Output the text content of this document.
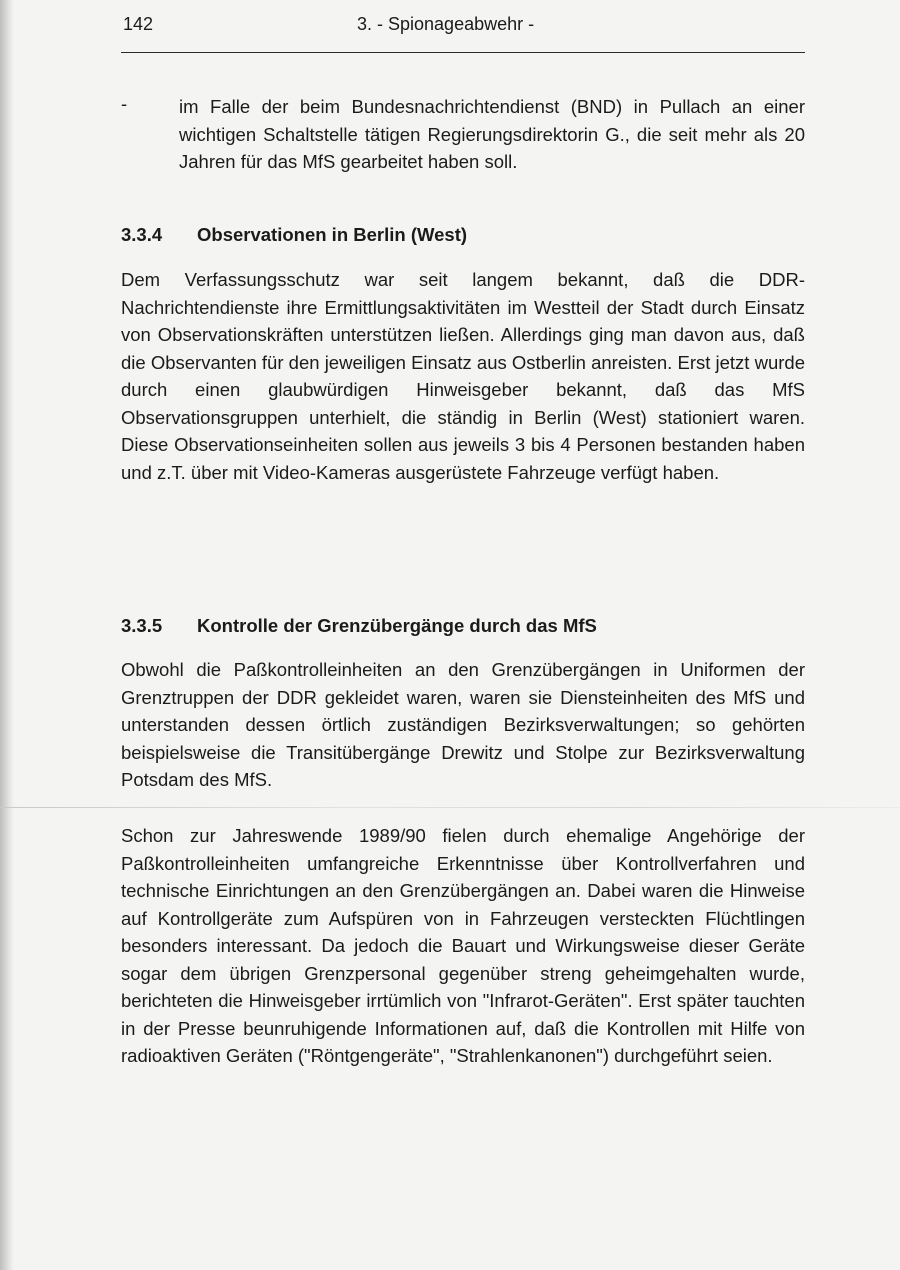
142	3. - Spionageabwehr -
-	im Falle der beim Bundesnachrichtendienst (BND) in Pullach an einer wichtigen Schaltstelle tätigen Regierungsdirektorin G., die seit mehr als 20 Jahren für das MfS gearbeitet haben soll.
3.3.4 Observationen in Berlin (West)

Dem Verfassungsschutz war seit langem bekannt, daß die DDR-Nachrichtendienste ihre Ermittlungsaktivitäten im Westteil der Stadt durch Einsatz von Observationskräften unterstützen ließen. Allerdings ging man davon aus, daß die Observanten für den jeweiligen Einsatz aus Ostberlin anreisten. Erst jetzt wurde durch einen glaubwürdigen Hinweisgeber bekannt, daß das MfS Observationsgruppen unterhielt, die ständig in Berlin (West) stationiert waren. Diese Observationseinheiten sollen aus jeweils 3 bis 4 Personen bestanden haben und z.T. über mit Video-Kameras ausgerüstete Fahrzeuge verfügt haben.

3.3.5 Kontrolle der Grenzübergänge durch das MfS

Obwohl die Paßkontrolleinheiten an den Grenzübergängen in Uniformen der Grenztruppen der DDR gekleidet waren, waren sie Diensteinheiten des MfS und unterstanden dessen örtlich zuständigen Bezirksverwaltungen; so gehörten beispielsweise die Transitübergänge Drewitz und Stolpe zur Bezirksverwaltung Potsdam des MfS.

Schon zur Jahreswende 1989/90 fielen durch ehemalige Angehörige der Paßkontrolleinheiten umfangreiche Erkenntnisse über Kontrollverfahren und technische Einrichtungen an den Grenzübergängen an. Dabei waren die Hinweise auf Kontrollgeräte zum Aufspüren von in Fahrzeugen versteckten Flüchtlingen besonders interessant. Da jedoch die Bauart und Wirkungsweise dieser Geräte sogar dem übrigen Grenzpersonal gegenüber streng geheimgehalten wurde, berichteten die Hinweisgeber irrtümlich von "Infrarot-Geräten". Erst später tauchten in der Presse beunruhigende Informationen auf, daß die Kontrollen mit Hilfe von radioaktiven Geräten ("Röntgengeräte", "Strahlenkanonen") durchgeführt seien.
